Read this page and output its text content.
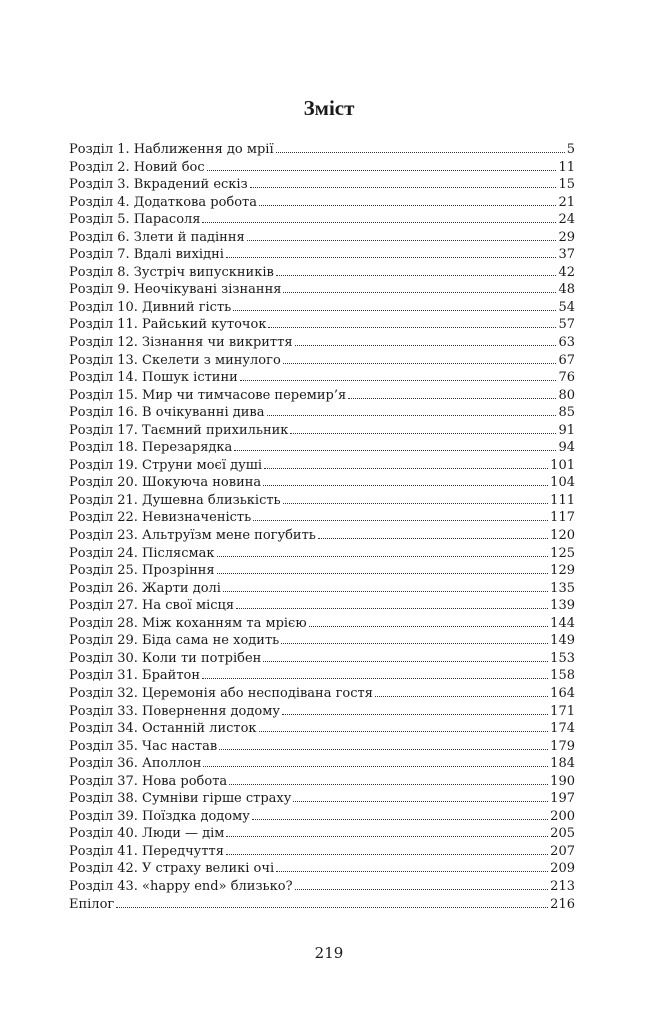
Зміст
Розділ 1. Наближення до мрії	5
Розділ 2. Новий бос	11
Розділ 3. Вкрадений ескіз	15
Розділ 4. Додаткова робота	21
Розділ 5. Парасоля	24
Розділ 6. Злети й падіння	29
Розділ 7. Вдалі вихідні	37
Розділ 8. Зустріч випускників	42
Розділ 9. Неочікувані зізнання	48
Розділ 10. Дивний гість	54
Розділ 11. Райський куточок	57
Розділ 12. Зізнання чи викриття	63
Розділ 13. Скелети з минулого	67
Розділ 14. Пошук істини	76
Розділ 15. Мир чи тимчасове перемир’я	80
Розділ 16. В очікуванні дива	85
Розділ 17. Таємний прихильник	91
Розділ 18. Перезарядка	94
Розділ 19. Струни моєї душі	101
Розділ 20. Шокуюча новина	104
Розділ 21. Душевна близькість	111
Розділ 22. Невизначеність	117
Розділ 23. Альтруїзм мене погубить	120
Розділ 24. Післясмак	125
Розділ 25. Прозріння	129
Розділ 26. Жарти долі	135
Розділ 27. На свої місця	139
Розділ 28. Між коханням та мрією	144
Розділ 29. Біда сама не ходить	149
Розділ 30. Коли ти потрібен	153
Розділ 31. Брайтон	158
Розділ 32. Церемонія або несподівана гостя	164
Розділ 33. Повернення додому	171
Розділ 34. Останній листок	174
Розділ 35. Час настав	179
Розділ 36. Аполлон	184
Розділ 37. Нова робота	190
Розділ 38. Сумніви гірше страху	197
Розділ 39. Поїздка додому	200
Розділ 40. Люди — дім	205
Розділ 41. Передчуття	207
Розділ 42. У страху великі очі	209
Розділ 43. «happy end» близько?	213
Епілог	216
219
